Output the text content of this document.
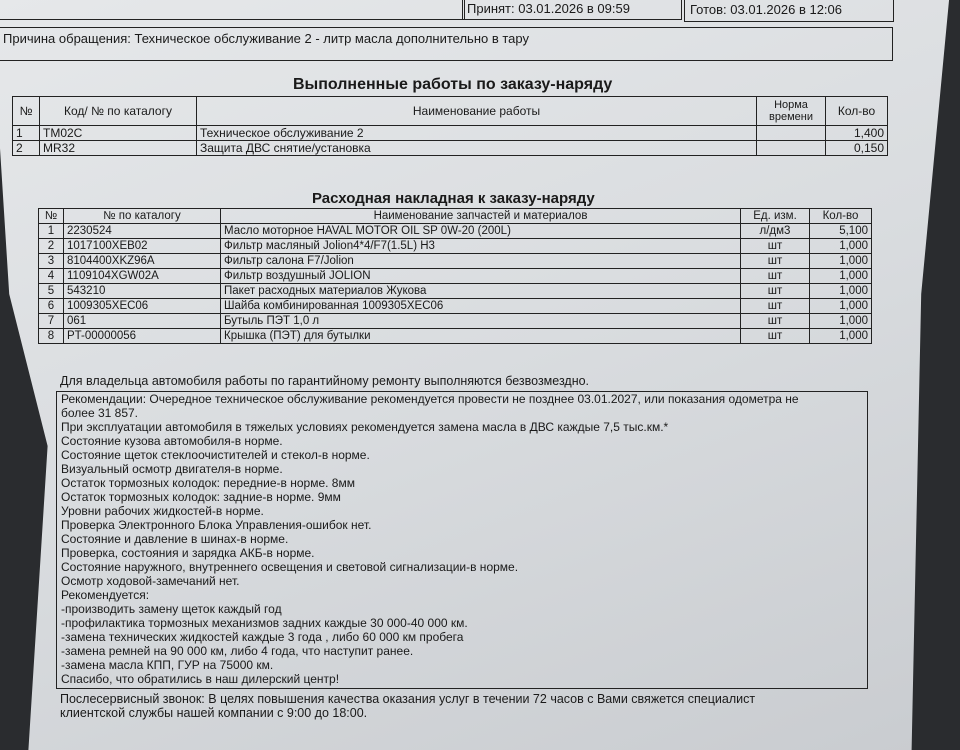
Принят: 03.01.2026 в 09:59	Готов: 03.01.2026 в 12:06
Причина обращения: Техническое обслуживание 2 - литр масла дополнительно в тару
Выполненные работы по заказу-наряду
№	Код/ № по каталогу	Наименование работы	Норма времени	Кол-во
1	TM02C	Техническое обслуживание 2		1,400
2	MR32	Защита ДВС снятие/установка		0,150
Расходная накладная к заказу-наряду
№	№ по каталогу	Наименование запчастей и материалов	Ед. изм.	Кол-во
1	2230524	Масло моторное HAVAL MOTOR OIL SP 0W-20 (200L)	л/дм3	5,100
2	1017100XEB02	Фильтр масляный Jolion4*4/F7(1.5L) H3	шт	1,000
3	8104400XKZ96A	Фильтр салона F7/Jolion	шт	1,000
4	1109104XGW02A	Фильтр воздушный JOLION	шт	1,000
5	543210	Пакет расходных материалов Жукова	шт	1,000
6	1009305XEC06	Шайба комбинированная 1009305XEC06	шт	1,000
7	061	Бутыль ПЭТ 1,0 л	шт	1,000
8	PT-00000056	Крышка (ПЭТ) для бутылки	шт	1,000
Для владельца автомобиля работы по гарантийному ремонту выполняются безвозмездно.
Рекомендации: Очередное техническое обслуживание рекомендуется провести не позднее 03.01.2027, или показания одометра не
более 31 857.
При эксплуатации автомобиля в тяжелых условиях рекомендуется замена масла в ДВС каждые 7,5 тыс.км.*
Состояние кузова автомобиля-в норме.
Состояние щеток стеклоочистителей и стекол-в норме.
Визуальный осмотр двигателя-в норме.
Остаток тормозных колодок: передние-в норме. 8мм
Остаток тормозных колодок: задние-в норме. 9мм
Уровни рабочих жидкостей-в норме.
Проверка Электронного Блока Управления-ошибок нет.
Состояние и давление в шинах-в норме.
Проверка, состояния и зарядка АКБ-в норме.
Состояние наружного, внутреннего освещения и световой сигнализации-в норме.
Осмотр ходовой-замечаний нет.
Рекомендуется:
-производить замену щеток каждый год
-профилактика тормозных механизмов задних каждые 30 000-40 000 км.
-замена технических жидкостей каждые 3 года , либо 60 000 км пробега
-замена ремней на 90 000 км, либо 4 года, что наступит ранее.
-замена масла КПП, ГУР на 75000 км.
Спасибо, что обратились в наш дилерский центр!
Послесервисный звонок: В целях повышения качества оказания услуг в течении 72 часов с Вами свяжется специалист
клиентской службы нашей компании с 9:00 до 18:00.
